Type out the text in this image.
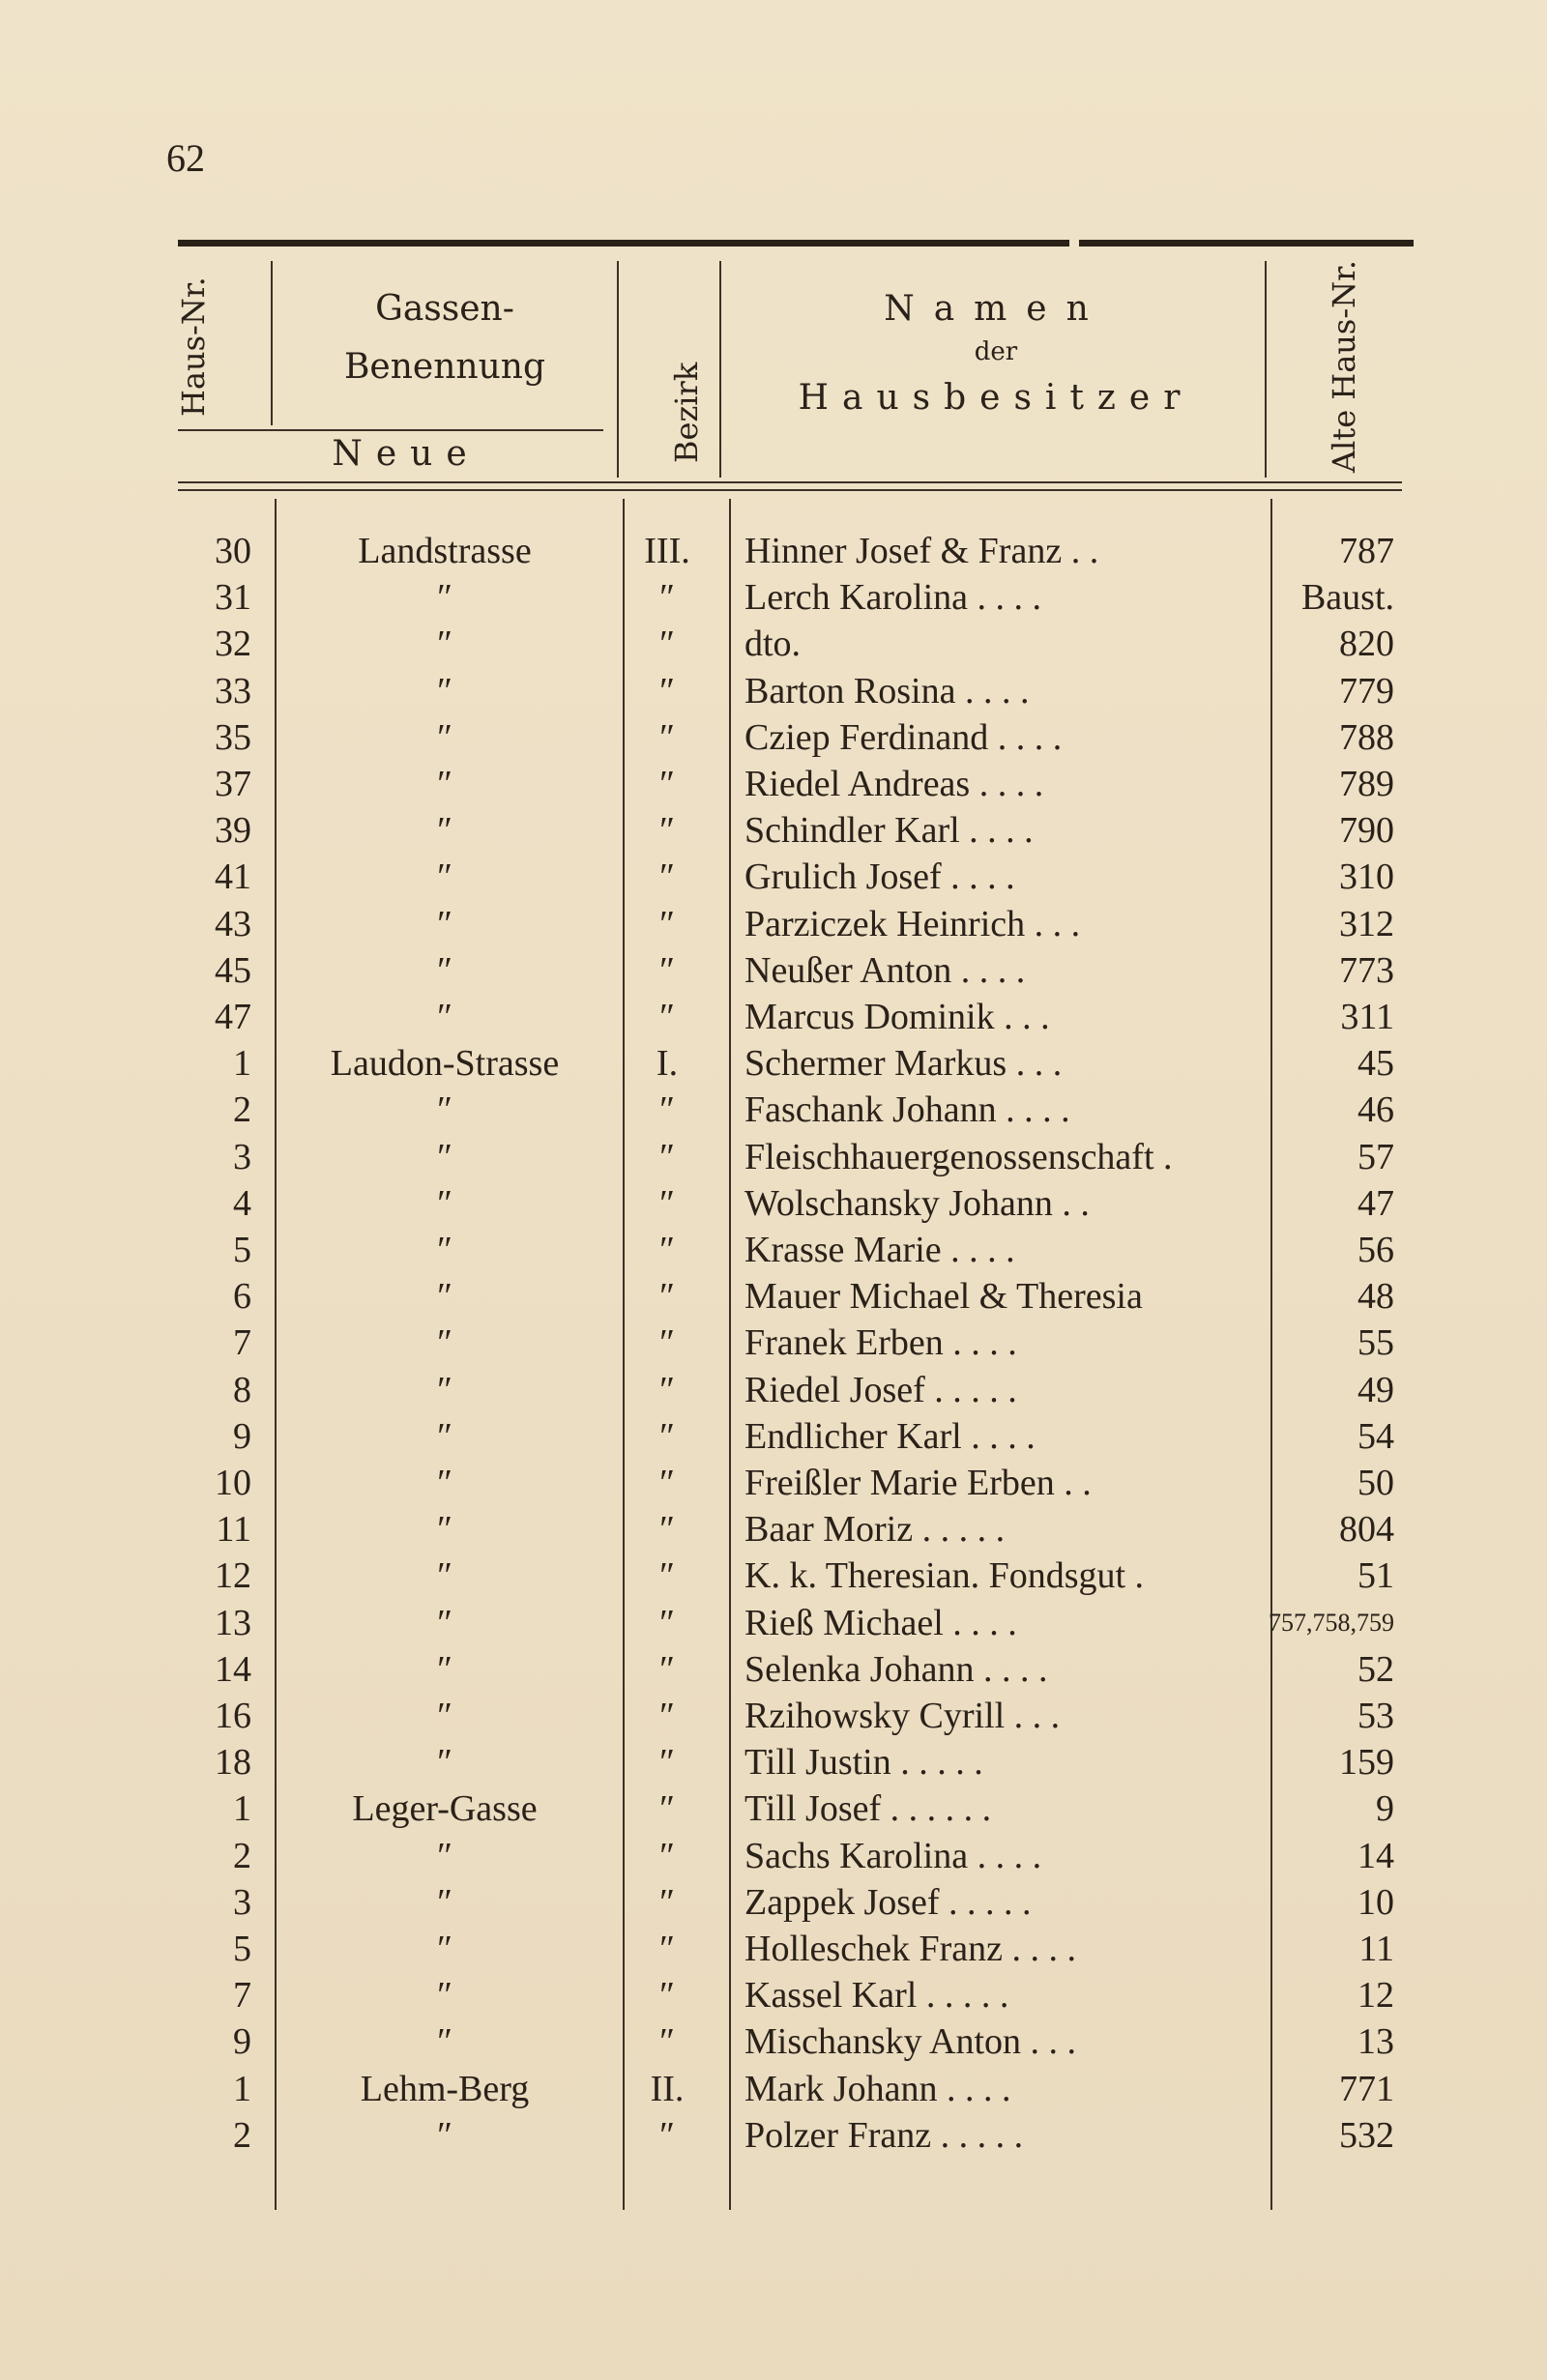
62
Haus-Nr.	Gassen-
Benennung
Neue	Bezirk
Namen
der
Hausbesitzer	Alte Haus-Nr.
30	Landstrasse	III.	Hinner Josef & Franz . .	787
31	″	″	Lerch Karolina . . . .	Baust.
32	″	″	dto.	820
33	″	″	Barton Rosina . . . .	779
35	″	″	Cziep Ferdinand . . . .	788
37	″	″	Riedel Andreas . . . .	789
39	″	″	Schindler Karl . . . .	790
41	″	″	Grulich Josef . . . .	310
43	″	″	Parziczek Heinrich . . .	312
45	″	″	Neußer Anton . . . .	773
47	″	″	Marcus Dominik . . .	311
1	Laudon-Strasse	I.	Schermer Markus . . .	45
2	″	″	Faschank Johann . . . .	46
3	″	″	Fleischhauergenossenschaft .	57
4	″	″	Wolschansky Johann . .	47
5	″	″	Krasse Marie . . . .	56
6	″	″	Mauer Michael & Theresia	48
7	″	″	Franek Erben . . . .	55
8	″	″	Riedel Josef . . . . .	49
9	″	″	Endlicher Karl . . . .	54
10	″	″	Freißler Marie Erben . .	50
11	″	″	Baar Moriz . . . . .	804
12	″	″	K. k. Theresian. Fondsgut .	51
13	″	″	Rieß Michael . . . .	757,758,759
14	″	″	Selenka Johann . . . .	52
16	″	″	Rzihowsky Cyrill . . .	53
18	″	″	Till Justin . . . . .	159
1	Leger-Gasse	″	Till Josef . . . . . .	9
2	″	″	Sachs Karolina . . . .	14
3	″	″	Zappek Josef . . . . .	10
5	″	″	Holleschek Franz . . . .	11
7	″	″	Kassel Karl . . . . .	12
9	″	″	Mischansky Anton . . .	13
1	Lehm-Berg	II.	Mark Johann . . . .	771
2	″	″	Polzer Franz . . . . .	532
